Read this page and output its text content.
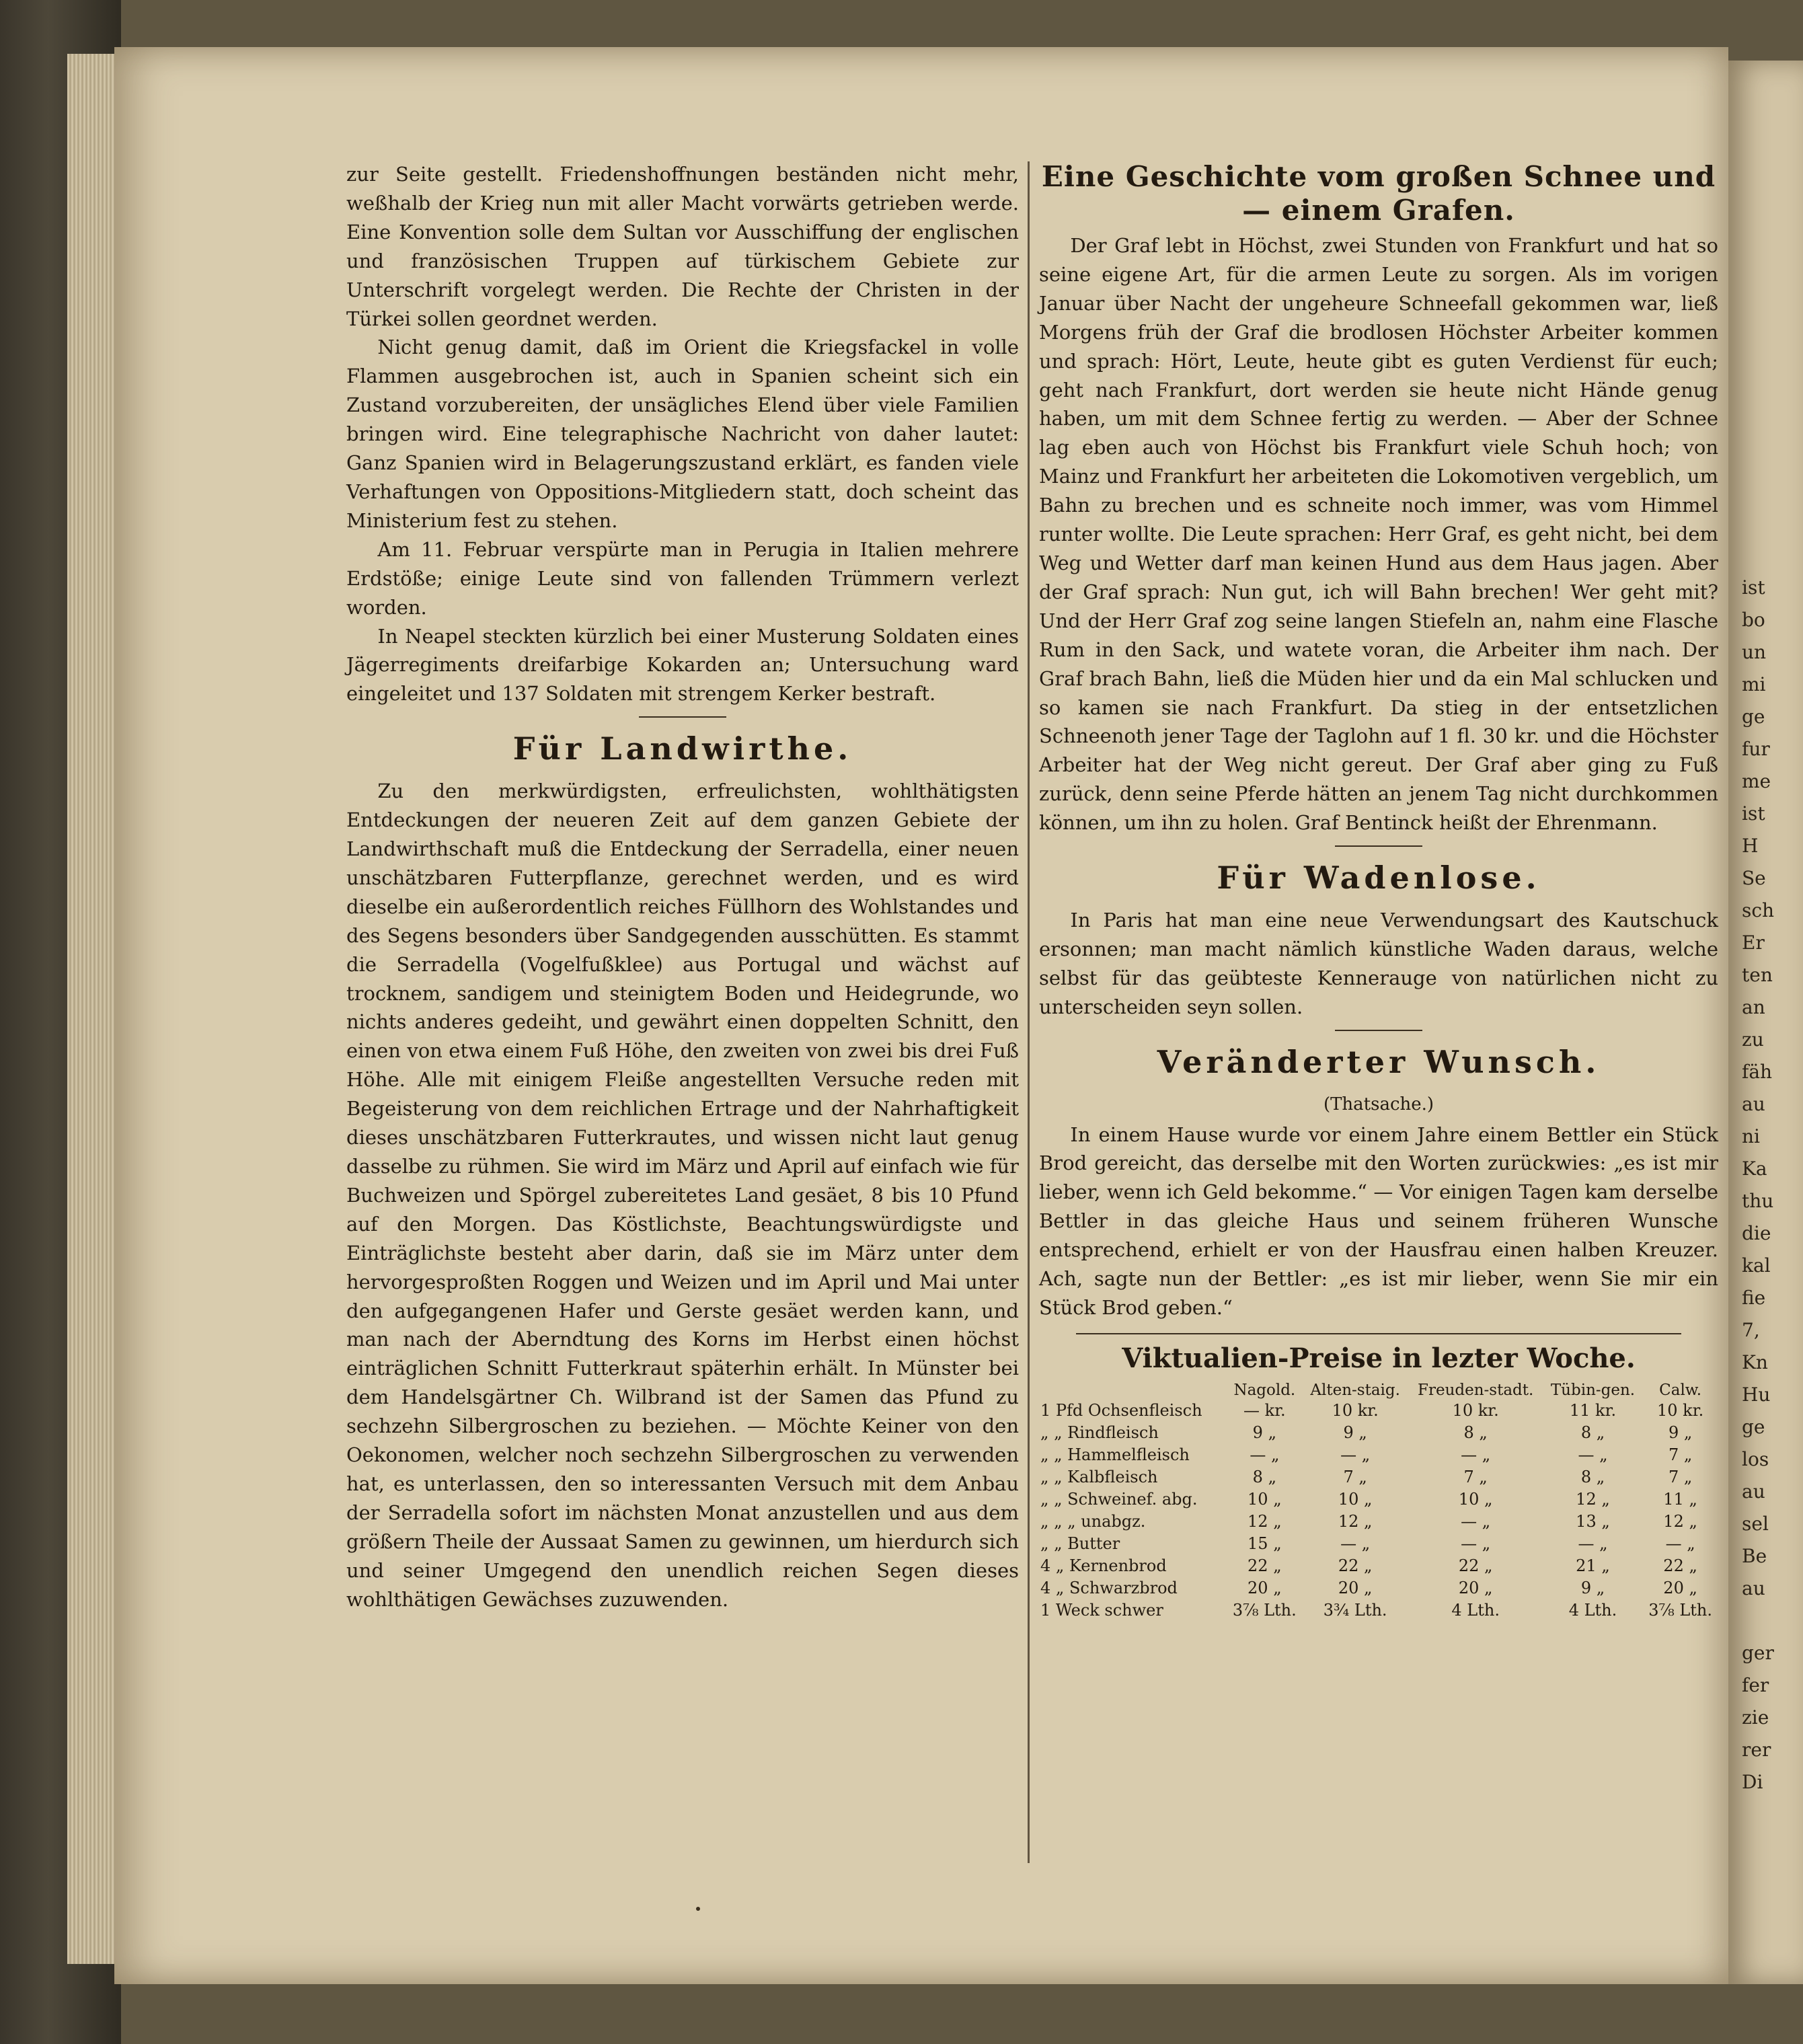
ist
bo
un
mi
ge
fur
me
ist
H
Se
sch
Er
ten
an
zu
fäh
au
ni
Ka
thu
die
kal
fie
7,
Kn
Hu
ge
los
au
sel
Be
au

ger
fer
zie
rer
Di

zur Seite gestellt. Friedenshoffnungen beständen nicht mehr, weßhalb der Krieg nun mit aller Macht vorwärts getrieben werde. Eine Konvention solle dem Sultan vor Ausschiffung der englischen und französischen Truppen auf türkischem Gebiete zur Unterschrift vorgelegt werden. Die Rechte der Christen in der Türkei sollen geordnet werden.

Nicht genug damit, daß im Orient die Kriegsfackel in volle Flammen ausgebrochen ist, auch in Spanien scheint sich ein Zustand vorzubereiten, der unsägliches Elend über viele Familien bringen wird. Eine telegraphische Nachricht von daher lautet: Ganz Spanien wird in Belagerungszustand erklärt, es fanden viele Verhaftungen von Oppositions-Mitgliedern statt, doch scheint das Ministerium fest zu stehen.

Am 11. Februar verspürte man in Perugia in Italien mehrere Erdstöße; einige Leute sind von fallenden Trümmern verlezt worden.

In Neapel steckten kürzlich bei einer Musterung Soldaten eines Jägerregiments dreifarbige Kokarden an; Untersuchung ward eingeleitet und 137 Soldaten mit strengem Kerker bestraft.

Für Landwirthe.

Zu den merkwürdigsten, erfreulichsten, wohlthätigsten Entdeckungen der neueren Zeit auf dem ganzen Gebiete der Landwirthschaft muß die Entdeckung der Serradella, einer neuen unschätzbaren Futterpflanze, gerechnet werden, und es wird dieselbe ein außerordentlich reiches Füllhorn des Wohlstandes und des Segens besonders über Sandgegenden ausschütten. Es stammt die Serradella (Vogelfußklee) aus Portugal und wächst auf trocknem, sandigem und steinigtem Boden und Heidegrunde, wo nichts anderes gedeiht, und gewährt einen doppelten Schnitt, den einen von etwa einem Fuß Höhe, den zweiten von zwei bis drei Fuß Höhe. Alle mit einigem Fleiße angestellten Versuche reden mit Begeisterung von dem reichlichen Ertrage und der Nahrhaftigkeit dieses unschätzbaren Futterkrautes, und wissen nicht laut genug dasselbe zu rühmen. Sie wird im März und April auf einfach wie für Buchweizen und Spörgel zubereitetes Land gesäet, 8 bis 10 Pfund auf den Morgen. Das Köstlichste, Beachtungswürdigste und Einträglichste besteht aber darin, daß sie im März unter dem hervorgesproßten Roggen und Weizen und im April und Mai unter den aufgegangenen Hafer und Gerste gesäet werden kann, und man nach der Aberndtung des Korns im Herbst einen höchst einträglichen Schnitt Futterkraut späterhin erhält. In Münster bei dem Handelsgärtner Ch. Wilbrand ist der Samen das Pfund zu sechzehn Silbergroschen zu beziehen. — Möchte Keiner von den Oekonomen, welcher noch sechzehn Silbergroschen zu verwenden hat, es unterlassen, den so interessanten Versuch mit dem Anbau der Serradella sofort im nächsten Monat anzustellen und aus dem größern Theile der Aussaat Samen zu gewinnen, um hierdurch sich und seiner Umgegend den unendlich reichen Segen dieses wohlthätigen Gewächses zuzuwenden.

Eine Geschichte vom großen Schnee und — einem Grafen.

Der Graf lebt in Höchst, zwei Stunden von Frankfurt und hat so seine eigene Art, für die armen Leute zu sorgen. Als im vorigen Januar über Nacht der ungeheure Schneefall gekommen war, ließ Morgens früh der Graf die brodlosen Höchster Arbeiter kommen und sprach: Hört, Leute, heute gibt es guten Verdienst für euch; geht nach Frankfurt, dort werden sie heute nicht Hände genug haben, um mit dem Schnee fertig zu werden. — Aber der Schnee lag eben auch von Höchst bis Frankfurt viele Schuh hoch; von Mainz und Frankfurt her arbeiteten die Lokomotiven vergeblich, um Bahn zu brechen und es schneite noch immer, was vom Himmel runter wollte. Die Leute sprachen: Herr Graf, es geht nicht, bei dem Weg und Wetter darf man keinen Hund aus dem Haus jagen. Aber der Graf sprach: Nun gut, ich will Bahn brechen! Wer geht mit? Und der Herr Graf zog seine langen Stiefeln an, nahm eine Flasche Rum in den Sack, und watete voran, die Arbeiter ihm nach. Der Graf brach Bahn, ließ die Müden hier und da ein Mal schlucken und so kamen sie nach Frankfurt. Da stieg in der entsetzlichen Schneenoth jener Tage der Taglohn auf 1 fl. 30 kr. und die Höchster Arbeiter hat der Weg nicht gereut. Der Graf aber ging zu Fuß zurück, denn seine Pferde hätten an jenem Tag nicht durchkommen können, um ihn zu holen. Graf Bentinck heißt der Ehrenmann.

Für Wadenlose.

In Paris hat man eine neue Verwendungsart des Kautschuck ersonnen; man macht nämlich künstliche Waden daraus, welche selbst für das geübteste Kennerauge von natürlichen nicht zu unterscheiden seyn sollen.

Veränderter Wunsch.
(Thatsache.)

In einem Hause wurde vor einem Jahre einem Bettler ein Stück Brod gereicht, das derselbe mit den Worten zurückwies: „es ist mir lieber, wenn ich Geld bekomme.“ — Vor einigen Tagen kam derselbe Bettler in das gleiche Haus und seinem früheren Wunsche entsprechend, erhielt er von der Hausfrau einen halben Kreuzer. Ach, sagte nun der Bettler: „es ist mir lieber, wenn Sie mir ein Stück Brod geben.“

Viktualien-Preise in lezter Woche.
	Nagold.	Alten-staig.	Freuden-stadt.	Tübin-gen.	Calw.
1 Pfd Ochsenfleisch	— kr.	10 kr.	10 kr.	11 kr.	10 kr.
„ „ Rindfleisch	9 „	9 „	8 „	8 „	9 „
„ „ Hammelfleisch	— „	— „	— „	— „	7 „
„ „ Kalbfleisch	8 „	7 „	7 „	8 „	7 „
„ „ Schweinef. abg.	10 „	10 „	10 „	12 „	11 „
„ „ „ unabgz.	12 „	12 „	— „	13 „	12 „
„ „ Butter	15 „	— „	— „	— „	— „
4 „ Kernenbrod	22 „	22 „	22 „	21 „	22 „
4 „ Schwarzbrod	20 „	20 „	20 „	9 „	20 „
1 Weck schwer	3⅞ Lth.	3¾ Lth.	4 Lth.	4 Lth.	3⅞ Lth.
